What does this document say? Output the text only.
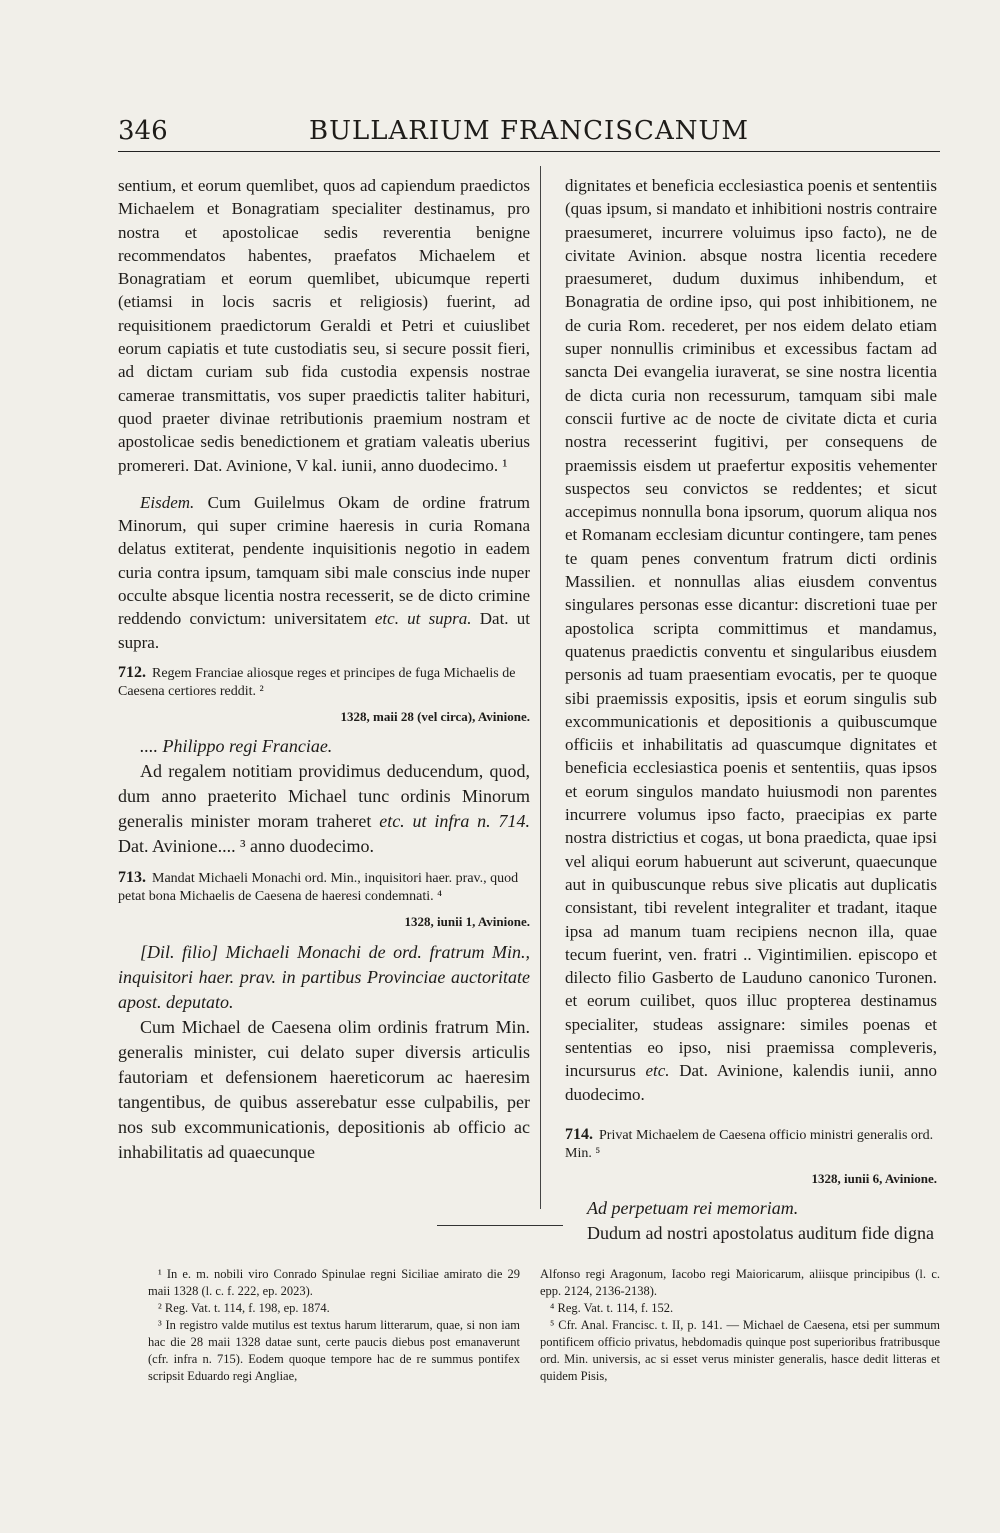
346	BULLARIUM FRANCISCANUM

sentium, et eorum quemlibet, quos ad capiendum praedictos Michaelem et Bonagratiam specialiter destinamus, pro nostra et apostolicae sedis reverentia benigne recommendatos habentes, praefatos Michaelem et Bonagratiam et eorum quemlibet, ubicumque reperti (etiamsi in locis sacris et religiosis) fuerint, ad requisitionem praedictorum Geraldi et Petri et cuiuslibet eorum capiatis et tute custodiatis seu, si secure possit fieri, ad dictam curiam sub fida custodia expensis nostrae camerae transmittatis, vos super praedictis taliter habituri, quod praeter divinae retributionis praemium nostram et apostolicae sedis benedictionem et gratiam valeatis uberius promereri. Dat. Avinione, V kal. iunii, anno duodecimo. ¹

Eisdem. Cum Guilelmus Okam de ordine fratrum Minorum, qui super crimine haeresis in curia Romana delatus extiterat, pendente inquisitionis negotio in eadem curia contra ipsum, tamquam sibi male conscius inde nuper occulte absque licentia nostra recesserit, se de dicto crimine reddendo convictum: universitatem etc. ut supra. Dat. ut supra.

712. Regem Franciae aliosque reges et principes de fuga Michaelis de Caesena certiores reddit. ²
1328, maii 28 (vel circa), Avinione.

.... Philippo regi Franciae.

Ad regalem notitiam providimus deducendum, quod, dum anno praeterito Michael tunc ordinis Minorum generalis minister moram traheret etc. ut infra n. 714. Dat. Avinione.... ³ anno duodecimo.

713. Mandat Michaeli Monachi ord. Min., inquisitori haer. prav., quod petat bona Michaelis de Caesena de haeresi condemnati. ⁴
1328, iunii 1, Avinione.

[Dil. filio] Michaeli Monachi de ord. fratrum Min., inquisitori haer. prav. in partibus Provinciae auctoritate apost. deputato.

Cum Michael de Caesena olim ordinis fratrum Min. generalis minister, cui delato super diversis articulis fautoriam et defensionem haereticorum ac haeresim tangentibus, de quibus asserebatur esse culpabilis, per nos sub excommunicationis, depositionis ab officio ac inhabilitatis ad quaecunque

dignitates et beneficia ecclesiastica poenis et sententiis (quas ipsum, si mandato et inhibitioni nostris contraire praesumeret, incurrere voluimus ipso facto), ne de civitate Avinion. absque nostra licentia recedere praesumeret, dudum duximus inhibendum, et Bonagratia de ordine ipso, qui post inhibitionem, ne de curia Rom. recederet, per nos eidem delato etiam super nonnullis criminibus et excessibus factam ad sancta Dei evangelia iuraverat, se sine nostra licentia de dicta curia non recessurum, tamquam sibi male conscii furtive ac de nocte de civitate dicta et curia nostra recesserint fugitivi, per consequens de praemissis eisdem ut praefertur expositis vehementer suspectos seu convictos se reddentes; et sicut accepimus nonnulla bona ipsorum, quorum aliqua nos et Romanam ecclesiam dicuntur contingere, tam penes te quam penes conventum fratrum dicti ordinis Massilien. et nonnullas alias eiusdem conventus singulares personas esse dicantur: discretioni tuae per apostolica scripta committimus et mandamus, quatenus praedictis conventu et singularibus eiusdem personis ad tuam praesentiam evocatis, per te quoque sibi praemissis expositis, ipsis et eorum singulis sub excommunicationis et depositionis a quibuscumque officiis et inhabilitatis ad quascumque dignitates et beneficia ecclesiastica poenis et sententiis, quas ipsos et eorum singulos mandato huiusmodi non parentes incurrere volumus ipso facto, praecipias ex parte nostra districtius et cogas, ut bona praedicta, quae ipsi vel aliqui eorum habuerunt aut sciverunt, quaecunque aut in quibuscunque rebus sive plicatis aut duplicatis consistant, tibi revelent integraliter et tradant, itaque ipsa ad manum tuam recipiens necnon illa, quae tecum fuerint, ven. fratri .. Vigintimilien. episcopo et dilecto filio Gasberto de Lauduno canonico Turonen. et eorum cuilibet, quos illuc propterea destinamus specialiter, studeas assignare: similes poenas et sententias eo ipso, nisi praemissa compleveris, incursurus etc. Dat. Avinione, kalendis iunii, anno duodecimo.

714. Privat Michaelem de Caesena officio ministri generalis ord. Min. ⁵
1328, iunii 6, Avinione.

Ad perpetuam rei memoriam.

Dudum ad nostri apostolatus auditum fide digna

¹ In e. m. nobili viro Conrado Spinulae regni Siciliae amirato die 29 maii 1328 (l. c. f. 222, ep. 2023).

² Reg. Vat. t. 114, f. 198, ep. 1874.

³ In registro valde mutilus est textus harum litterarum, quae, si non iam hac die 28 maii 1328 datae sunt, certe paucis diebus post emanaverunt (cfr. infra n. 715). Eodem quoque tempore hac de re summus pontifex scripsit Eduardo regi Angliae,

Alfonso regi Aragonum, Iacobo regi Maioricarum, aliisque principibus (l. c. epp. 2124, 2136-2138).

⁴ Reg. Vat. t. 114, f. 152.

⁵ Cfr. Anal. Francisc. t. II, p. 141. — Michael de Caesena, etsi per summum pontificem officio privatus, hebdomadis quinque post superioribus fratribusque ord. Min. universis, ac si esset verus minister generalis, hasce dedit litteras et quidem Pisis,
